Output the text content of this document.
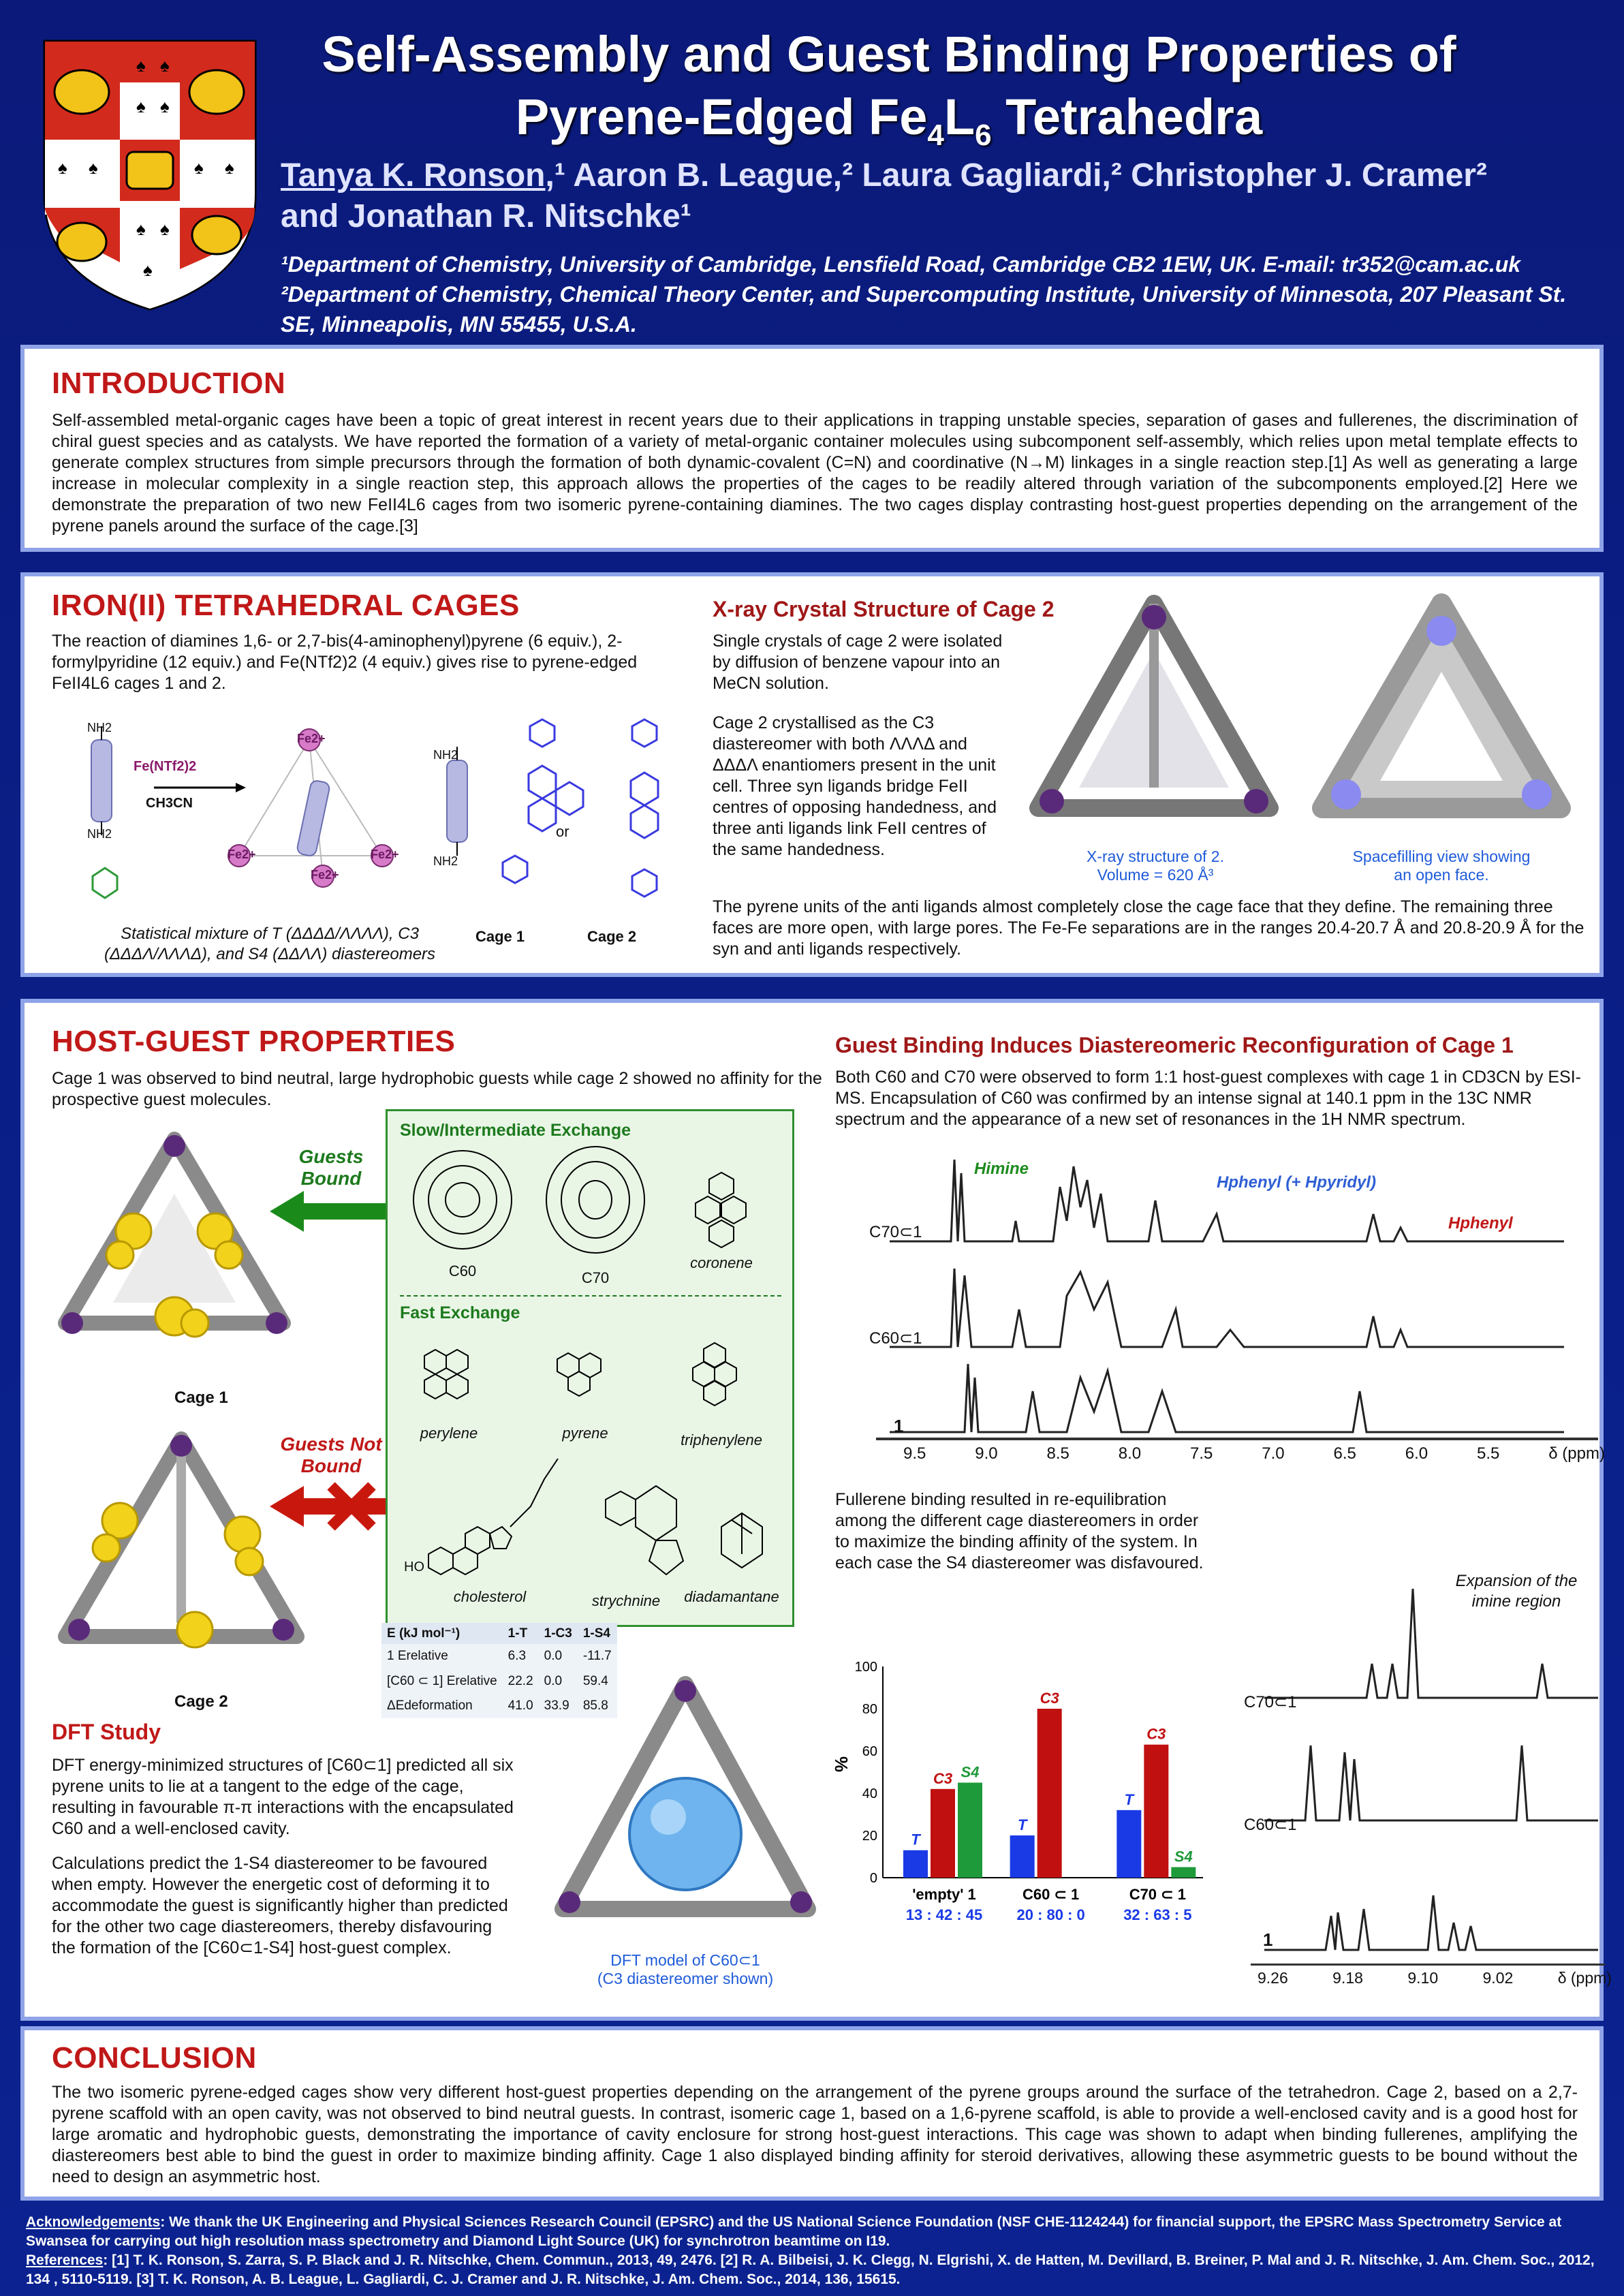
♠ ♠
♠ ♠
♠ ♠	♠ ♠
♠ ♠
♠
Self-Assembly and Guest Binding Properties of
Pyrene-Edged $Fe_4L_6$ Tetrahedra
Tanya K. Ronson,¹ Aaron B. League,² Laura Gagliardi,² Christopher J. Cramer²
and Jonathan R. Nitschke¹
¹Department of Chemistry, University of Cambridge, Lensfield Road, Cambridge CB2 1EW, UK. E-mail: tr352@cam.ac.uk
²Department of Chemistry, Chemical Theory Center, and Supercomputing Institute, University of Minnesota, 207 Pleasant St. SE, Minneapolis, MN 55455, U.S.A.
INTRODUCTION
Self-assembled metal-organic cages have been a topic of great interest in recent years due to their applications in trapping unstable species, separation of gases and fullerenes, the discrimination of chiral guest species and as catalysts. We have reported the formation of a variety of metal-organic container molecules using subcomponent self-assembly, which relies upon metal template effects to generate complex structures from simple precursors through the formation of both dynamic-covalent (C=N) and coordinative (N→M) linkages in a single reaction step.[1] As well as generating a large increase in molecular complexity in a single reaction step, this approach allows the properties of the cages to be readily altered through variation of the subcomponents employed.[2] Here we demonstrate the preparation of two new FeII4L6 cages from two isomeric pyrene-containing diamines. The two cages display contrasting host-guest properties depending on the arrangement of the pyrene panels around the surface of the cage.[3]
IRON(II) TETRAHEDRAL CAGES
The reaction of diamines 1,6- or 2,7-bis(4-aminophenyl)pyrene (6 equiv.), 2-formylpyridine (12 equiv.) and Fe(NTf2)2 (4 equiv.) gives rise to pyrene-edged FeII4L6 cages 1 and 2.
NH2
NH2
Fe(NTf2)2
CH3CN
Fe2+
Fe2+	Fe2+
Fe2+
NH2
NH2
or
Cage 1	Cage 2
Statistical mixture of T (ΔΔΔΔ/ΛΛΛΛ), C3
(ΔΔΔΛ/ΛΛΛΔ), and S4 (ΔΔΛΛ) diastereomers
X-ray Crystal Structure of Cage 2
Single crystals of cage 2 were isolated by diffusion of benzene vapour into an MeCN solution.
Cage 2 crystallised as the C3 diastereomer with both ΛΛΛΔ and ΔΔΔΛ enantiomers present in the unit cell. Three syn ligands bridge FeII centres of opposing handedness, and three anti ligands link FeII centres of the same handedness.	X-ray structure of 2.
Volume = 620 Å³
Spacefilling view showing
an open face.
The pyrene units of the anti ligands almost completely close the cage face that they define. The remaining three faces are more open, with large pores. The Fe-Fe separations are in the ranges 20.4-20.7 Å and 20.8-20.9 Å for the syn and anti ligands respectively.
HOST-GUEST PROPERTIES
Cage 1 was observed to bind neutral, large hydrophobic guests while cage 2 showed no affinity for the prospective guest molecules.
Cage 1
Cage 2
Guests Bound
Guests Not Bound
Slow/Intermediate Exchange
C60	C70
coronene
Fast Exchange
perylene	pyrene	triphenylene
HO
cholesterol	strychnine	diadamantane
E (kJ mol⁻¹)	1-T	1-C3	1-S4
1 Erelative	6.3	0.0	-11.7
[C60 ⊂ 1] Erelative	22.2	0.0	59.4
ΔEdeformation	41.0	33.9	85.8
DFT Study
DFT energy-minimized structures of [C60⊂1] predicted all six pyrene units to lie at a tangent to the edge of the cage, resulting in favourable π-π interactions with the encapsulated C60 and a well-enclosed cavity.
Calculations predict the 1-S4 diastereomer to be favoured when empty. However the energetic cost of deforming it to accommodate the guest is significantly higher than predicted for the other two cage diastereomers, thereby disfavouring the formation of the [C60⊂1-S4] host-guest complex.
DFT model of C60⊂1
(C3 diastereomer shown)
Guest Binding Induces Diastereomeric Reconfiguration of Cage 1
Both C60 and C70 were observed to form 1:1 host-guest complexes with cage 1 in CD3CN by ESI-MS. Encapsulation of C60 was confirmed by an intense signal at 140.1 ppm in the 13C NMR spectrum and the appearance of a new set of resonances in the 1H NMR spectrum.
Himine
Hphenyl (+ Hpyridyl)
Hphenyl
C70⊂1
C60⊂1
1
9.5	9.0	8.5	8.0	7.5	7.0	6.5	6.0	5.5	δ (ppm)
Fullerene binding resulted in re-equilibration among the different cage diastereomers in order to maximize the binding affinity of the system. In each case the S4 diastereomer was disfavoured.
0
20
40
60
80
100
%
T
C3 S4
'empty' 1
13 : 42 : 45
T
C3
C60 ⊂ 1
20 : 80 : 0
T
C3
S4
C70 ⊂ 1
32 : 63 : 5
Expansion of the
imine region
C70⊂1
C60⊂1
1
9.26	9.18	9.10	9.02	δ (ppm)
CONCLUSION
The two isomeric pyrene-edged cages show very different host-guest properties depending on the arrangement of the pyrene groups around the surface of the tetrahedron. Cage 2, based on a 2,7-pyrene scaffold with an open cavity, was not observed to bind neutral guests. In contrast, isomeric cage 1, based on a 1,6-pyrene scaffold, is able to provide a well-enclosed cavity and is a good host for large aromatic and hydrophobic guests, demonstrating the importance of cavity enclosure for strong host-guest interactions. This cage was shown to adapt when binding fullerenes, amplifying the diastereomers best able to bind the guest in order to maximize binding affinity. Cage 1 also displayed binding affinity for steroid derivatives, allowing these asymmetric guests to be bound without the need to design an asymmetric host.
Acknowledgements: We thank the UK Engineering and Physical Sciences Research Council (EPSRC) and the US National Science Foundation (NSF CHE-1124244) for financial support, the EPSRC Mass Spectrometry Service at Swansea for carrying out high resolution mass spectrometry and Diamond Light Source (UK) for synchrotron beamtime on I19.
References: [1] T. K. Ronson, S. Zarra, S. P. Black and J. R. Nitschke, Chem. Commun., 2013, 49, 2476. [2] R. A. Bilbeisi, J. K. Clegg, N. Elgrishi, X. de Hatten, M. Devillard, B. Breiner, P. Mal and J. R. Nitschke, J. Am. Chem. Soc., 2012, 134 , 5110-5119. [3] T. K. Ronson, A. B. League, L. Gagliardi, C. J. Cramer and J. R. Nitschke, J. Am. Chem. Soc., 2014, 136, 15615.
